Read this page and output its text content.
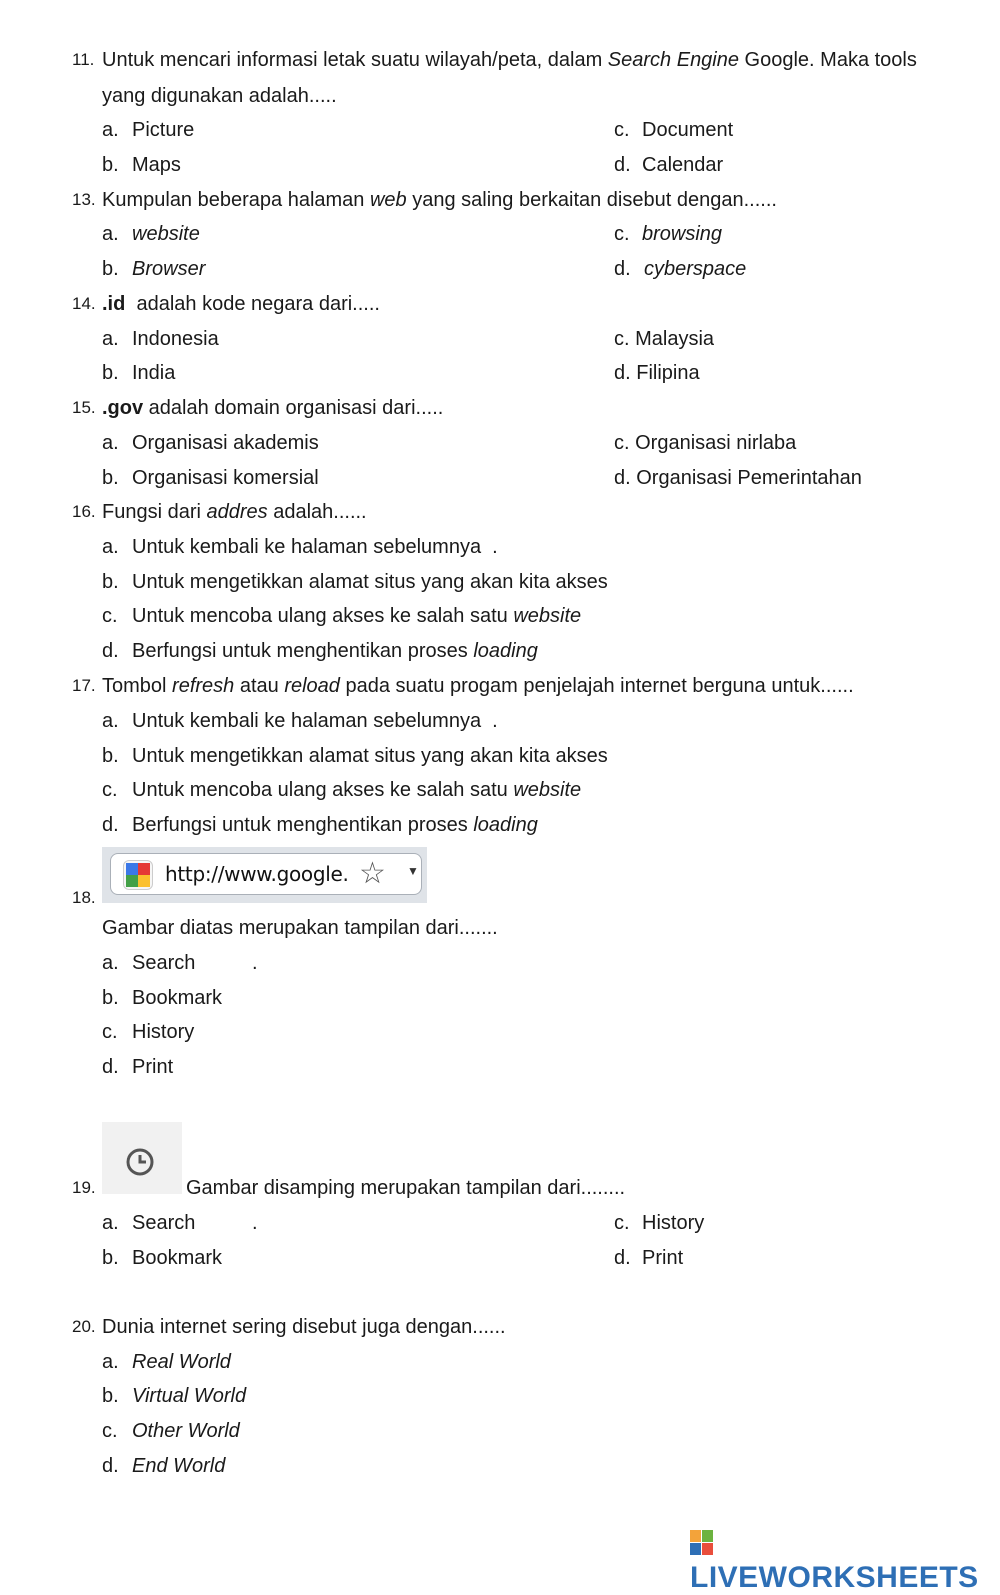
11. Untuk mencari informasi letak suatu wilayah/peta, dalam Search Engine Google. Maka tools
yang digunakan adalah.....
a. Picture
b. Maps
c. Document
d. Calendar
13. Kumpulan beberapa halaman web yang saling berkaitan disebut dengan......
a. website
b. Browser
c. browsing
d. cyberspace
14. .id  adalah kode negara dari.....
a. Indonesia
b. India
c. Malaysia
d. Filipina
15. .gov adalah domain organisasi dari.....
a. Organisasi akademis
b. Organisasi komersial
c. Organisasi nirlaba
d. Organisasi Pemerintahan
16. Fungsi dari addres adalah......
a. Untuk kembali ke halaman sebelumnya  .
b. Untuk mengetikkan alamat situs yang akan kita akses
c. Untuk mencoba ulang akses ke salah satu website
d. Berfungsi untuk menghentikan proses loading
17. Tombol refresh atau reload pada suatu progam penjelajah internet berguna untuk......
a. Untuk kembali ke halaman sebelumnya  .
b. Untuk mengetikkan alamat situs yang akan kita akses
c. Untuk mencoba ulang akses ke salah satu website
d. Berfungsi untuk menghentikan proses loading
http://www.google. ☆ ▼
18.
Gambar diatas merupakan tampilan dari.......
a. Search	.
b. Bookmark
c. History
d. Print
19.	Gambar disamping merupakan tampilan dari........
a. Search	.
b. Bookmark
c. History
d. Print
20. Dunia internet sering disebut juga dengan......
a. Real World
b. Virtual World
c. Other World
d. End World
LIVEWORKSHEETS
